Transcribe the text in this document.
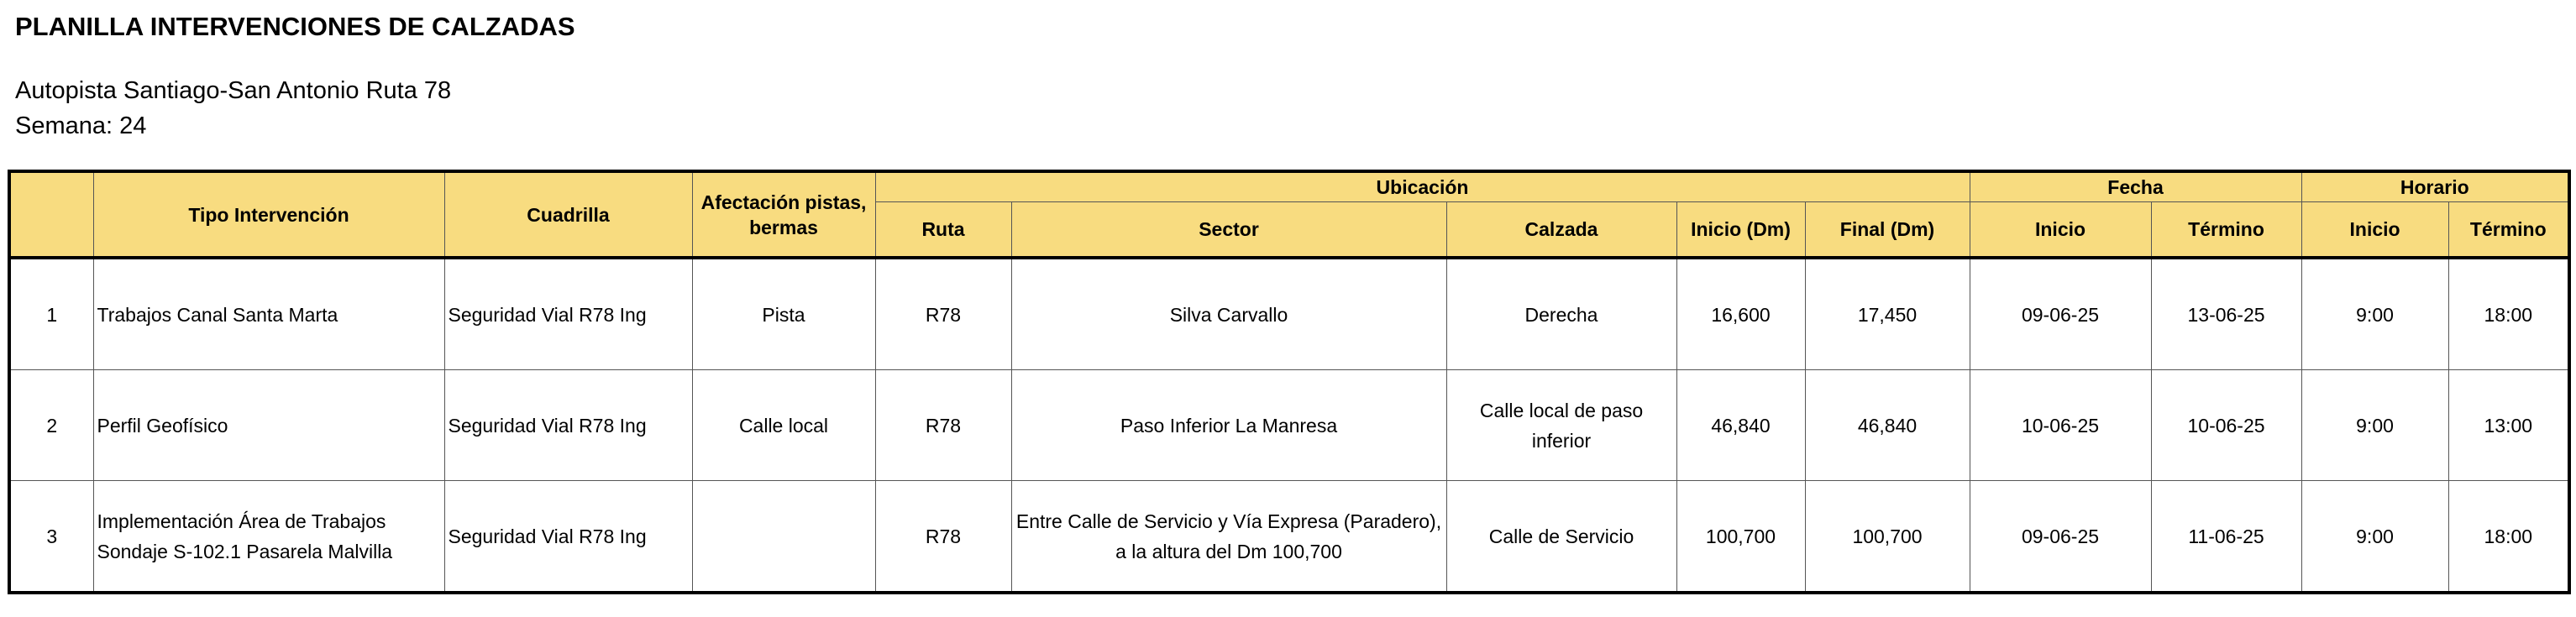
PLANILLA INTERVENCIONES DE CALZADAS
Autopista Santiago-San Antonio Ruta 78
Semana: 24
	Tipo Intervención	Cuadrilla	Afectación pistas, bermas	Ubicación					Fecha		Horario	
				Ruta	Sector	Calzada	Inicio (Dm)	Final (Dm)	Inicio	Término	Inicio	Término
1	Trabajos Canal Santa Marta	Seguridad Vial R78 Ing	Pista	R78	Silva Carvallo	Derecha	16,600	17,450	09-06-25	13-06-25	9:00	18:00
2	Perfil Geofísico	Seguridad Vial R78 Ing	Calle local	R78	Paso Inferior La Manresa	Calle local de paso inferior	46,840	46,840	10-06-25	10-06-25	9:00	13:00
3	Implementación Área de Trabajos Sondaje S-102.1 Pasarela Malvilla	Seguridad Vial R78 Ing		R78	Entre Calle de Servicio y Vía Expresa (Paradero), a la altura del Dm 100,700	Calle de Servicio	100,700	100,700	09-06-25	11-06-25	9:00	18:00
